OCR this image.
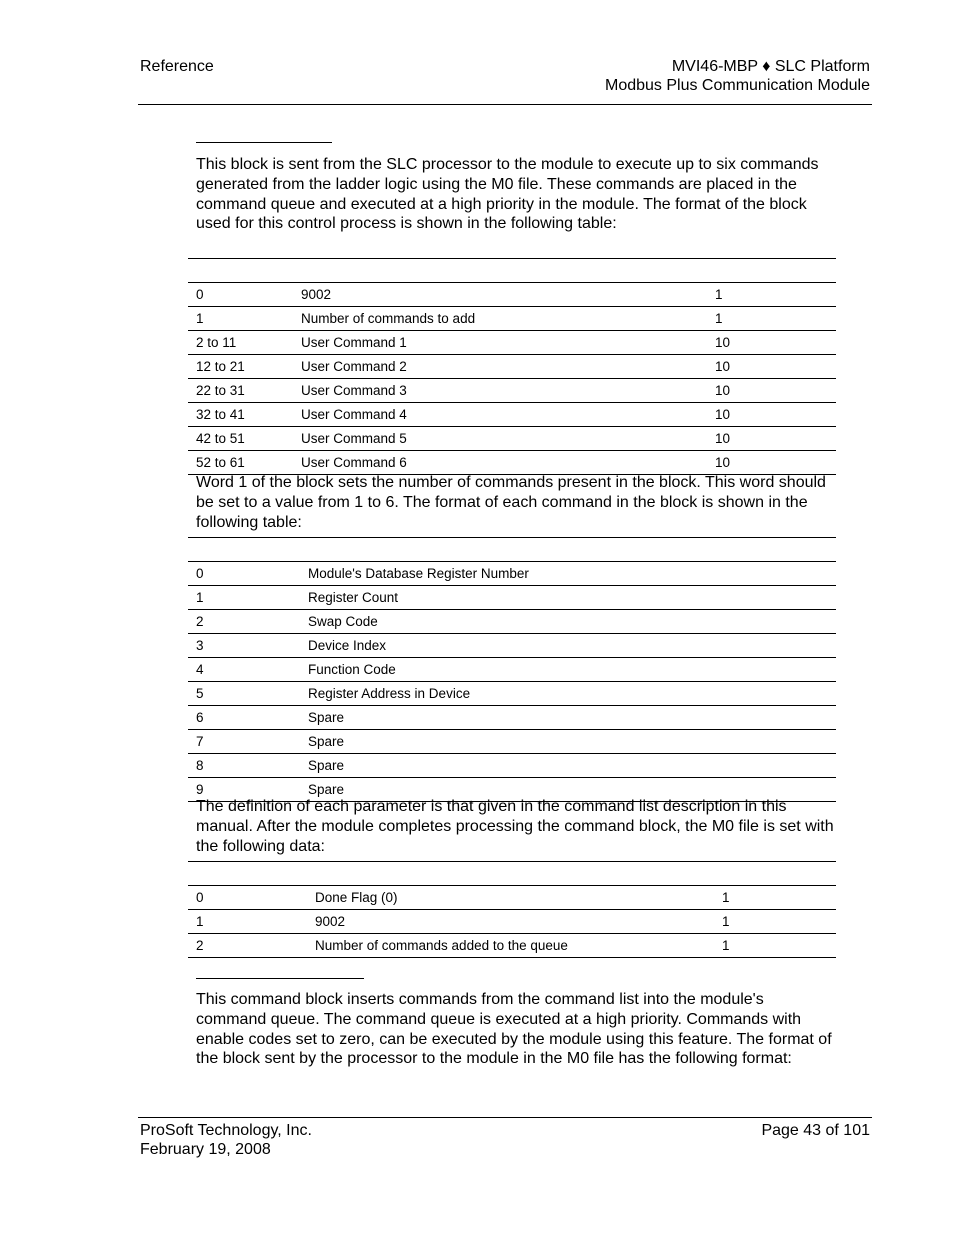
Reference	MVI46-MBP ♦ SLC Platform
Modbus Plus Communication Module
This block is sent from the SLC processor to the module to execute up to six commands generated from the ladder logic using the M0 file. These commands are placed in the command queue and executed at a high priority in the module. The format of the block used for this control process is shown in the following table:
0	9002	1
1	Number of commands to add	1
2 to 11	User Command 1	10
12 to 21	User Command 2	10
22 to 31	User Command 3	10
32 to 41	User Command 4	10
42 to 51	User Command 5	10
52 to 61	User Command 6	10
Word 1 of the block sets the number of commands present in the block. This word should be set to a value from 1 to 6. The format of each command in the block is shown in the following table:
0	Module's Database Register Number
1	Register Count
2	Swap Code
3	Device Index
4	Function Code
5	Register Address in Device
6	Spare
7	Spare
8	Spare
9	Spare
The definition of each parameter is that given in the command list description in this manual. After the module completes processing the command block, the M0 file is set with the following data:
0	Done Flag (0)	1
1	9002	1
2	Number of commands added to the queue	1
This command block inserts commands from the command list into the module's command queue. The command queue is executed at a high priority. Commands with enable codes set to zero, can be executed by the module using this feature. The format of the block sent by the processor to the module in the M0 file has the following format:
ProSoft Technology, Inc.
February 19, 2008
Page 43 of 101
